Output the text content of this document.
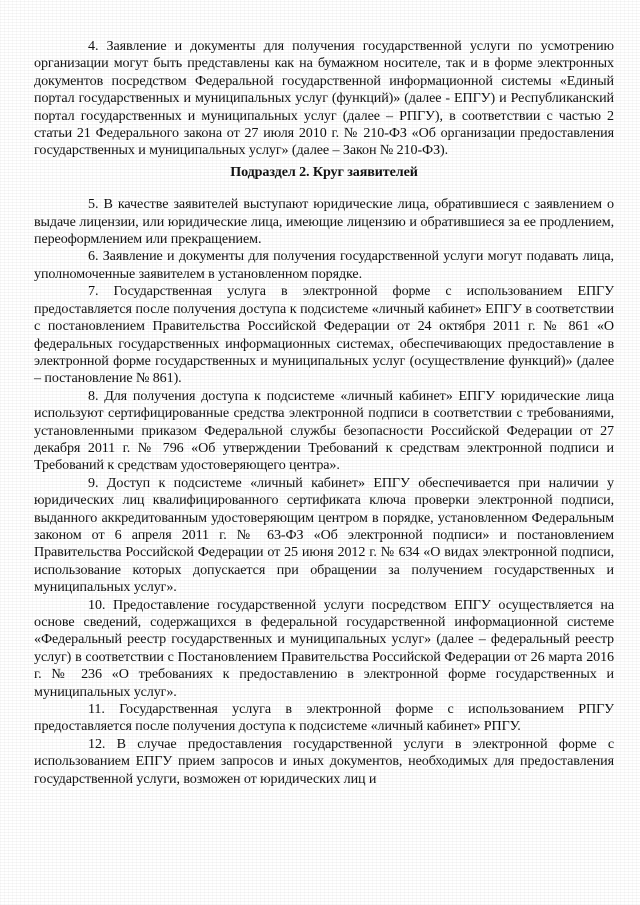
4. Заявление и документы для получения государственной услуги по усмотрению организации могут быть представлены как на бумажном носителе, так и в форме электронных документов посредством Федеральной государственной информационной системы «Единый портал государственных и муниципальных услуг (функций)» (далее - ЕПГУ) и Республиканский портал государственных и муниципальных услуг (далее – РПГУ), в соответствии с частью 2 статьи 21 Федерального закона от 27 июля 2010 г. № 210-ФЗ «Об организации предоставления государственных и муниципальных услуг» (далее – Закон № 210-ФЗ).

Подраздел 2. Круг заявителей

5. В качестве заявителей выступают юридические лица, обратившиеся с заявлением о выдаче лицензии, или юридические лица, имеющие лицензию и обратившиеся за ее продлением, переоформлением или прекращением.

6. Заявление и документы для получения государственной услуги могут подавать лица, уполномоченные заявителем в установленном порядке.

7. Государственная услуга в электронной форме с использованием ЕПГУ предоставляется после получения доступа к подсистеме «личный кабинет» ЕПГУ в соответствии с постановлением Правительства Российской Федерации от 24 октября 2011 г. № 861 «О федеральных государственных информационных системах, обеспечивающих предоставление в электронной форме государственных и муниципальных услуг (осуществление функций)» (далее – постановление № 861).

8. Для получения доступа к подсистеме «личный кабинет» ЕПГУ юридические лица используют сертифицированные средства электронной подписи в соответствии с требованиями, установленными приказом Федеральной службы безопасности Российской Федерации от 27 декабря 2011 г. № 796 «Об утверждении Требований к средствам электронной подписи и Требований к средствам удостоверяющего центра».

9. Доступ к подсистеме «личный кабинет» ЕПГУ обеспечивается при наличии у юридических лиц квалифицированного сертификата ключа проверки электронной подписи, выданного аккредитованным удостоверяющим центром в порядке, установленном Федеральным законом от 6 апреля 2011 г. № 63-ФЗ «Об электронной подписи» и постановлением Правительства Российской Федерации от 25 июня 2012 г. № 634 «О видах электронной подписи, использование которых допускается при обращении за получением государственных и муниципальных услуг».

10. Предоставление государственной услуги посредством ЕПГУ осуществляется на основе сведений, содержащихся в федеральной государственной информационной системе «Федеральный реестр государственных и муниципальных услуг» (далее – федеральный реестр услуг) в соответствии с Постановлением Правительства Российской Федерации от 26 марта 2016 г. № 236 «О требованиях к предоставлению в электронной форме государственных и муниципальных услуг».

11. Государственная услуга в электронной форме с использованием РПГУ предоставляется после получения доступа к подсистеме «личный кабинет» РПГУ.

12. В случае предоставления государственной услуги в электронной форме с использованием ЕПГУ прием запросов и иных документов, необходимых для предоставления государственной услуги, возможен от юридических лиц и
